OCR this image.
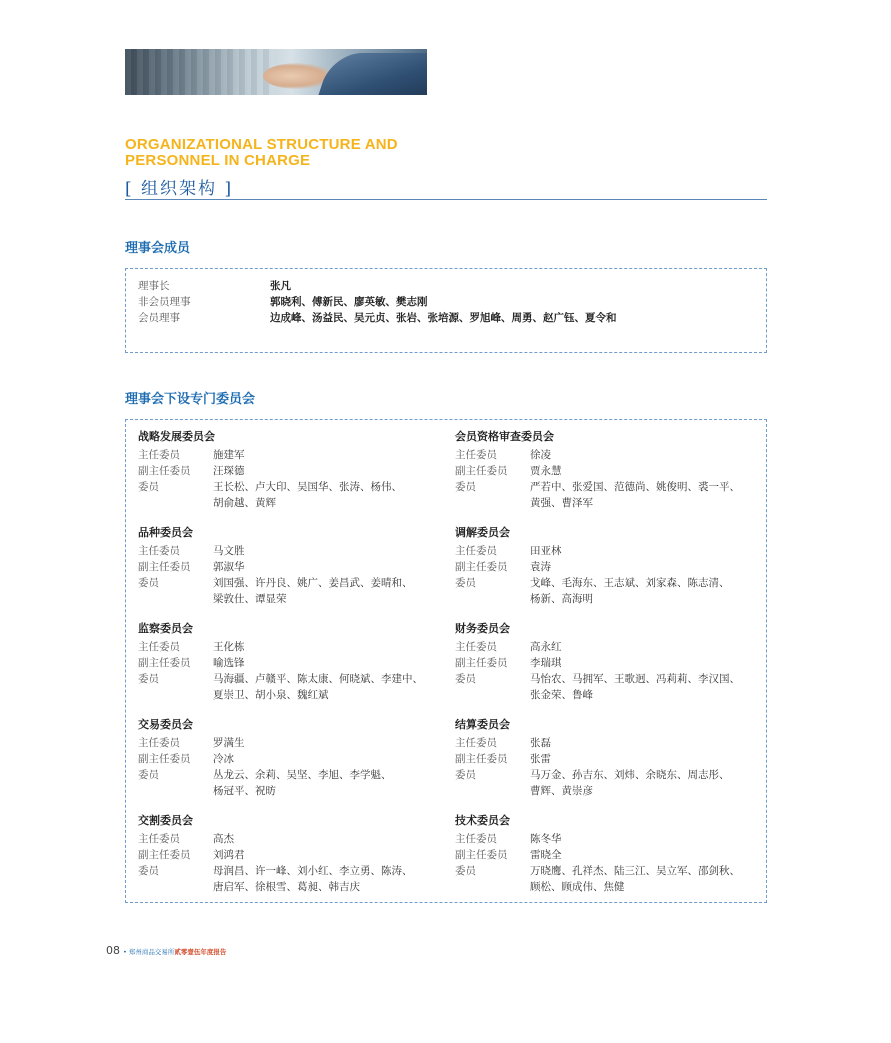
ORGANIZATIONAL STRUCTURE AND
PERSONNEL IN CHARGE
[ 组织架构 ]
理事会成员
理事长	张凡
非会员理事	郭晓利、傅新民、廖英敏、樊志刚
会员理事	边成峰、汤益民、吴元贞、张岩、张培源、罗旭峰、周勇、赵广钰、夏令和
理事会下设专门委员会
战略发展委员会
主任委员	施建军
副主任委员 汪琛德
委员	王长松、卢大印、吴国华、张涛、杨伟、
胡俞越、黄辉
品种委员会
主任委员	马文胜
副主任委员 郭淑华
委员	刘国强、许丹良、姚广、姜昌武、姜晴和、
梁敦仕、谭显荣
监察委员会
主任委员	王化栋
副主任委员 喻选锋
委员	马海疆、卢赣平、陈太康、何晓斌、李建中、
夏崇卫、胡小泉、魏红斌
交易委员会
主任委员	罗满生
副主任委员 冷冰
委员	丛龙云、余莉、吴坚、李旭、李学魁、
杨冠平、祝昉
交割委员会
主任委员	高杰
副主任委员 刘鸿君
委员	母润昌、许一峰、刘小红、李立勇、陈涛、
唐启军、徐根雪、葛昶、韩吉庆
会员资格审查委员会
主任委员	徐凌
副主任委员 贾永慧
委员	严若中、张爱国、范德尚、姚俊明、裘一平、
黄强、曹泽军
调解委员会
主任委员	田亚林
副主任委员 袁涛
委员	戈峰、毛海东、王志斌、刘家森、陈志清、
杨新、高海明
财务委员会
主任委员	高永红
副主任委员 李瑞琪
委员	马怡农、马拥军、王歌迥、冯莉莉、李汉国、
张金荣、鲁峰
结算委员会
主任委员	张磊
副主任委员 张雷
委员	马万金、孙吉东、刘炜、余晓东、周志彤、
曹辉、黄崇彦
技术委员会
主任委员	陈冬华
副主任委员 雷晓全
委员	万晓鹰、孔祥杰、陆三江、吴立军、邵剑秋、
顾松、顾成伟、焦健
08 • 郑州商品交易所贰零壹伍年度报告
